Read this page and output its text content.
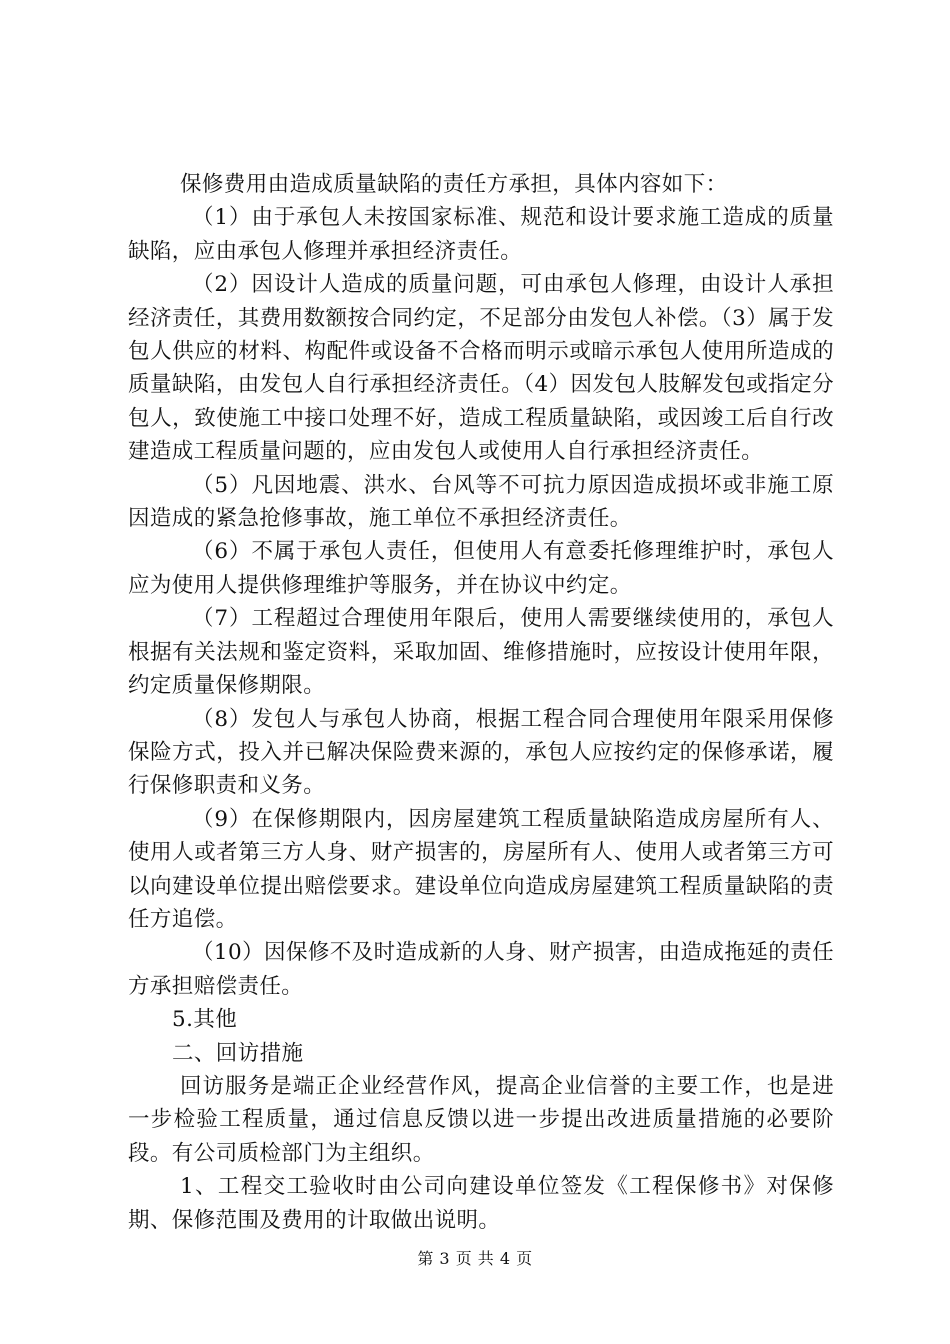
保修费用由造成质量缺陷的责任方承担，具体内容如下：

（1）由于承包人未按国家标准、规范和设计要求施工造成的质量缺陷，应由承包人修理并承担经济责任。

（2）因设计人造成的质量问题，可由承包人修理，由设计人承担经济责任，其费用数额按合同约定，不足部分由发包人补偿。（3）属于发包人供应的材料、构配件或设备不合格而明示或暗示承包人使用所造成的质量缺陷，由发包人自行承担经济责任。（4）因发包人肢解发包或指定分包人，致使施工中接口处理不好，造成工程质量缺陷，或因竣工后自行改建造成工程质量问题的，应由发包人或使用人自行承担经济责任。

（5）凡因地震、洪水、台风等不可抗力原因造成损坏或非施工原因造成的紧急抢修事故，施工单位不承担经济责任。

（6）不属于承包人责任，但使用人有意委托修理维护时，承包人应为使用人提供修理维护等服务，并在协议中约定。

（7）工程超过合理使用年限后，使用人需要继续使用的，承包人根据有关法规和鉴定资料，采取加固、维修措施时，应按设计使用年限，约定质量保修期限。

（8）发包人与承包人协商，根据工程合同合理使用年限采用保修保险方式，投入并已解决保险费来源的，承包人应按约定的保修承诺，履行保修职责和义务。

（9）在保修期限内，因房屋建筑工程质量缺陷造成房屋所有人、使用人或者第三方人身、财产损害的，房屋所有人、使用人或者第三方可以向建设单位提出赔偿要求。建设单位向造成房屋建筑工程质量缺陷的责任方追偿。

（10）因保修不及时造成新的人身、财产损害，由造成拖延的责任方承担赔偿责任。

5.其他

二、回访措施

回访服务是端正企业经营作风，提高企业信誉的主要工作，也是进一步检验工程质量，通过信息反馈以进一步提出改进质量措施的必要阶段。有公司质检部门为主组织。

1、工程交工验收时由公司向建设单位签发《工程保修书》对保修期、保修范围及费用的计取做出说明。

第 3 页 共 4 页
